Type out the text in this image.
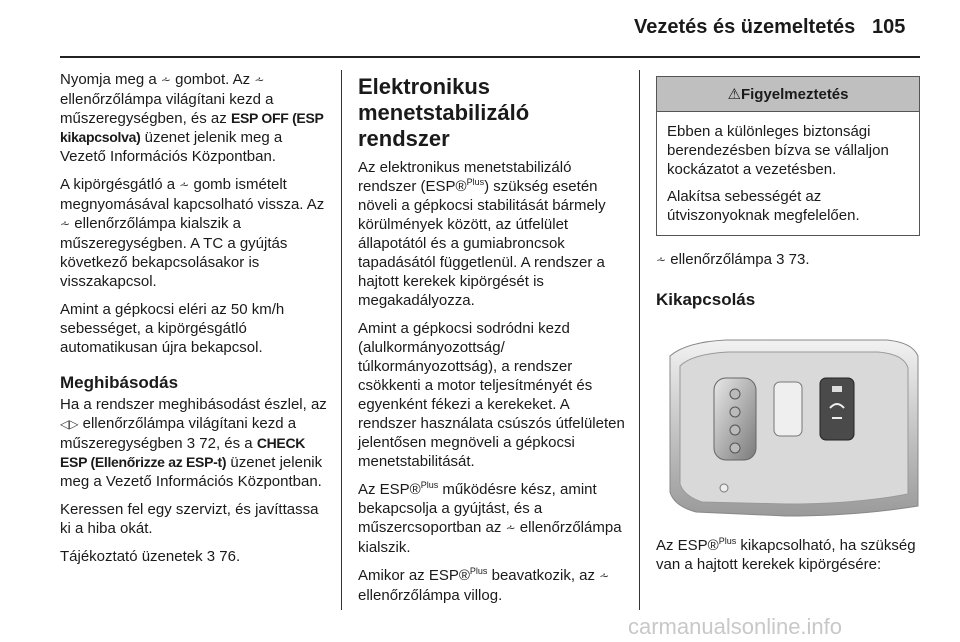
Vezetés és üzemeltetés 105

Nyomja meg a ⩪ gombot. Az ⩪ ellenőrzőlámpa világítani kezd a műszeregységben, és az ESP OFF (ESP kikapcsolva) üzenet jelenik meg a Vezető Információs Központban.

A kipörgésgátló a ⩪ gomb ismételt megnyomásával kapcsolható vissza. Az ⩪ ellenőrzőlámpa kialszik a műszeregységben. A TC a gyújtás következő bekapcsolásakor is visszakapcsol.

Amint a gépkocsi eléri az 50 km/h sebességet, a kipörgésgátló automatikusan újra bekapcsol.

Meghibásodás

Ha a rendszer meghibásodást észlel, az ◁▷ ellenőrzőlámpa világítani kezd a műszeregységben 3 72, és a CHECK ESP (Ellenőrizze az ESP-t) üzenet jelenik meg a Vezető Információs Központban.

Keressen fel egy szervizt, és javíttassa ki a hiba okát.

Tájékoztató üzenetek 3 76.

Elektronikus menetstabilizáló rendszer

Az elektronikus menetstabilizáló rendszer (ESP®$^{Plus}$) szükség esetén növeli a gépkocsi stabilitását bármely körülmények között, az útfelület állapotától és a gumiabroncsok tapadásától függetlenül. A rendszer a hajtott kerekek kipörgését is megakadályozza.

Amint a gépkocsi sodródni kezd (alulkormányozottság/ túlkormányozottság), a rendszer csökkenti a motor teljesítményét és egyenként fékezi a kerekeket. A rendszer használata csúszós útfelületen jelentősen megnöveli a gépkocsi menetstabilitását.

Az ESP®$^{Plus}$ működésre kész, amint bekapcsolja a gyújtást, és a műszercsoportban az ⩪ ellenőrzőlámpa kialszik.

Amikor az ESP®$^{Plus}$ beavatkozik, az ⩪ ellenőrzőlámpa villog.

⚠Figyelmeztetés

Ebben a különleges biztonsági berendezésben bízva se vállaljon kockázatot a vezetésben.

Alakítsa sebességét az útviszonyoknak megfelelően.

⩪ ellenőrzőlámpa 3 73.

Kikapcsolás

Az ESP®$^{Plus}$ kikapcsolható, ha szükség van a hajtott kerekek kipörgésére:

carmanualsonline.info
